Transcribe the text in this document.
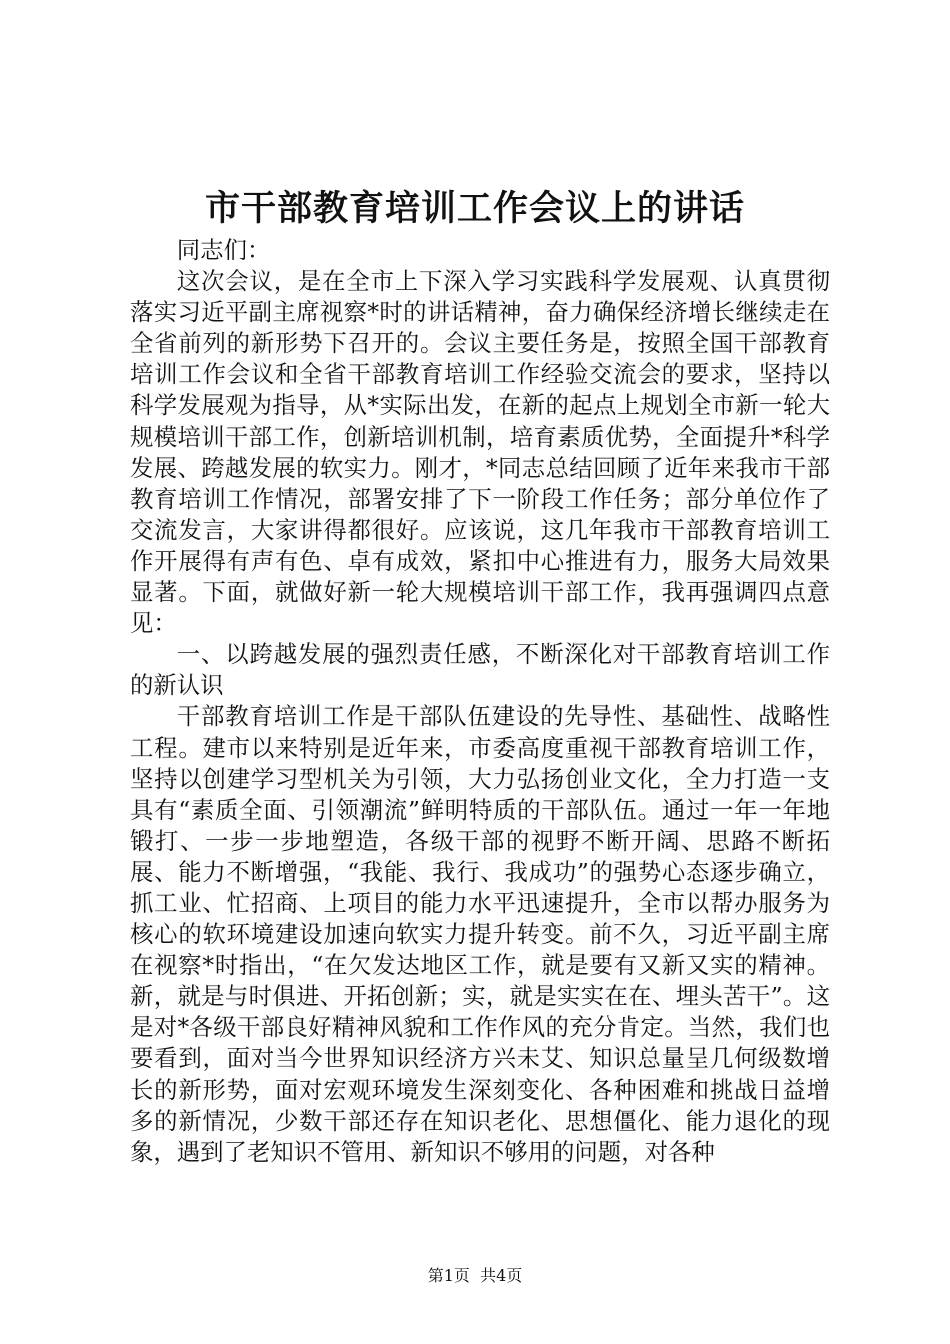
市干部教育培训工作会议上的讲话

同志们：

这次会议，是在全市上下深入学习实践科学发展观、认真贯彻落实习近平副主席视察*时的讲话精神，奋力确保经济增长继续走在全省前列的新形势下召开的。会议主要任务是，按照全国干部教育培训工作会议和全省干部教育培训工作经验交流会的要求，坚持以科学发展观为指导，从*实际出发，在新的起点上规划全市新一轮大规模培训干部工作，创新培训机制，培育素质优势，全面提升*科学发展、跨越发展的软实力。刚才，*同志总结回顾了近年来我市干部教育培训工作情况，部署安排了下一阶段工作任务；部分单位作了交流发言，大家讲得都很好。应该说，这几年我市干部教育培训工作开展得有声有色、卓有成效，紧扣中心推进有力，服务大局效果显著。下面，就做好新一轮大规模培训干部工作，我再强调四点意见：

一、以跨越发展的强烈责任感，不断深化对干部教育培训工作的新认识

干部教育培训工作是干部队伍建设的先导性、基础性、战略性工程。建市以来特别是近年来，市委高度重视干部教育培训工作，坚持以创建学习型机关为引领，大力弘扬创业文化，全力打造一支具有“素质全面、引领潮流”鲜明特质的干部队伍。通过一年一年地锻打、一步一步地塑造，各级干部的视野不断开阔、思路不断拓展、能力不断增强，“我能、我行、我成功”的强势心态逐步确立，抓工业、忙招商、上项目的能力水平迅速提升，全市以帮办服务为核心的软环境建设加速向软实力提升转变。前不久，习近平副主席在视察*时指出，“在欠发达地区工作，就是要有又新又实的精神。新，就是与时俱进、开拓创新；实，就是实实在在、埋头苦干”。这是对*各级干部良好精神风貌和工作作风的充分肯定。当然，我们也要看到，面对当今世界知识经济方兴未艾、知识总量呈几何级数增长的新形势，面对宏观环境发生深刻变化、各种困难和挑战日益增多的新情况，少数干部还存在知识老化、思想僵化、能力退化的现象，遇到了老知识不管用、新知识不够用的问题，对各种

第1页  共4页
